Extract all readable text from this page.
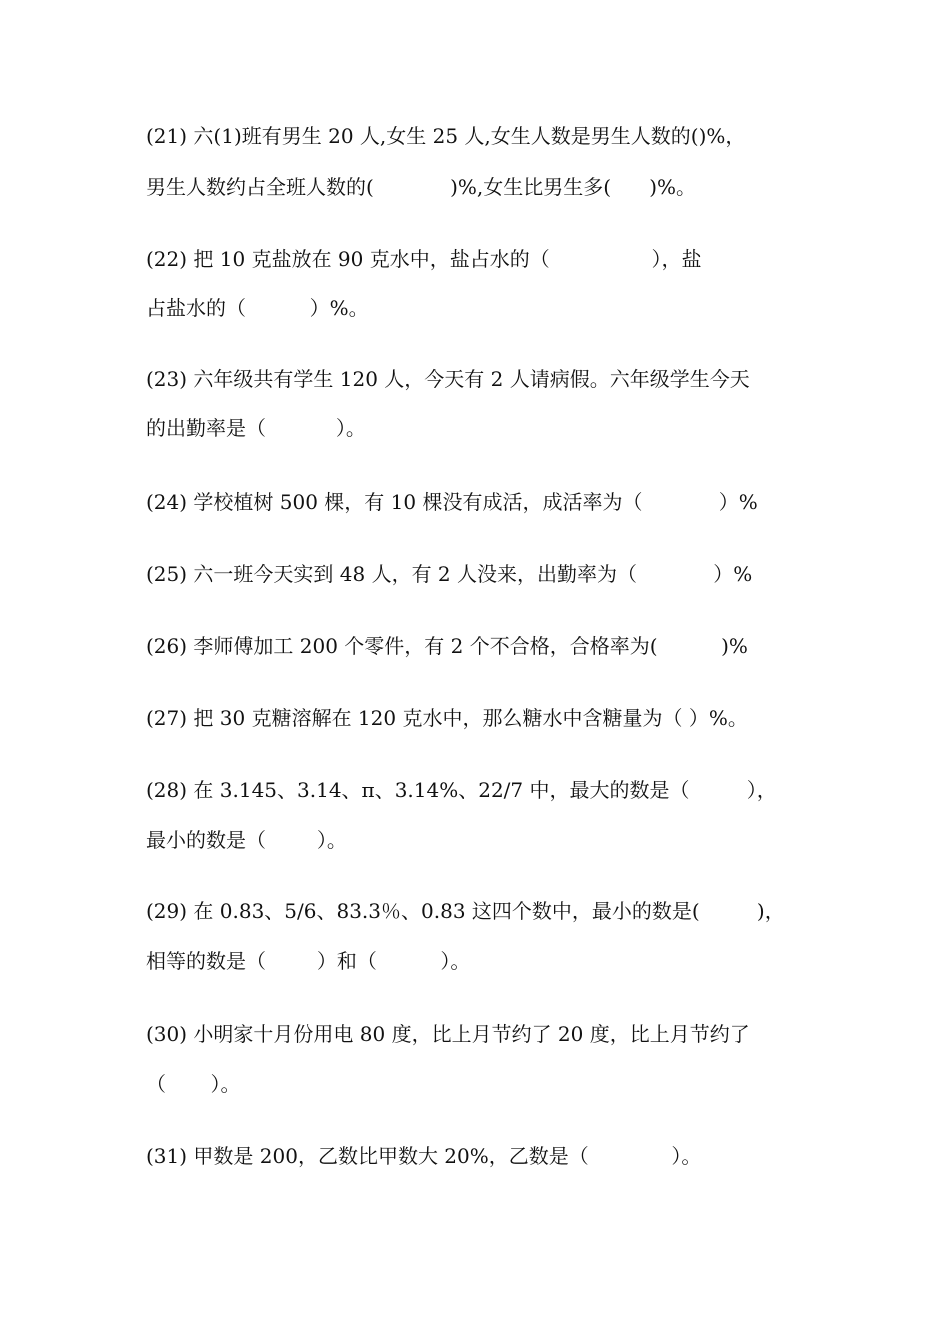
(21) 六(1)班有男生 20 人,女生 25 人,女生人数是男生人数的()%，
男生人数约占全班人数的(            )%,女生比男生多(      )%。
(22) 把 10 克盐放在 90 克水中，盐占水的（                ），盐
占盐水的（          ）%。
(23) 六年级共有学生 120 人，今天有 2 人请病假。六年级学生今天
的出勤率是（           ）。
(24) 学校植树 500 棵，有 10 棵没有成活，成活率为（            ）%
(25) 六一班今天实到 48 人，有 2 人没来，出勤率为（            ）%
(26) 李师傅加工 200 个零件，有 2 个不合格，合格率为(          )%
(27) 把 30 克糖溶解在 120 克水中，那么糖水中含糖量为（ ）%。
(28) 在 3.145、3.14、π、3.14%、22/7 中，最大的数是（         ），
最小的数是（        ）。
(29) 在 0.83、5/6、83.3％、0.83 这四个数中，最小的数是(         )，
相等的数是（        ）和（          ）。
(30) 小明家十月份用电 80 度，比上月节约了 20 度，比上月节约了
（       ）。
(31) 甲数是 200，乙数比甲数大 20%，乙数是（             ）。
